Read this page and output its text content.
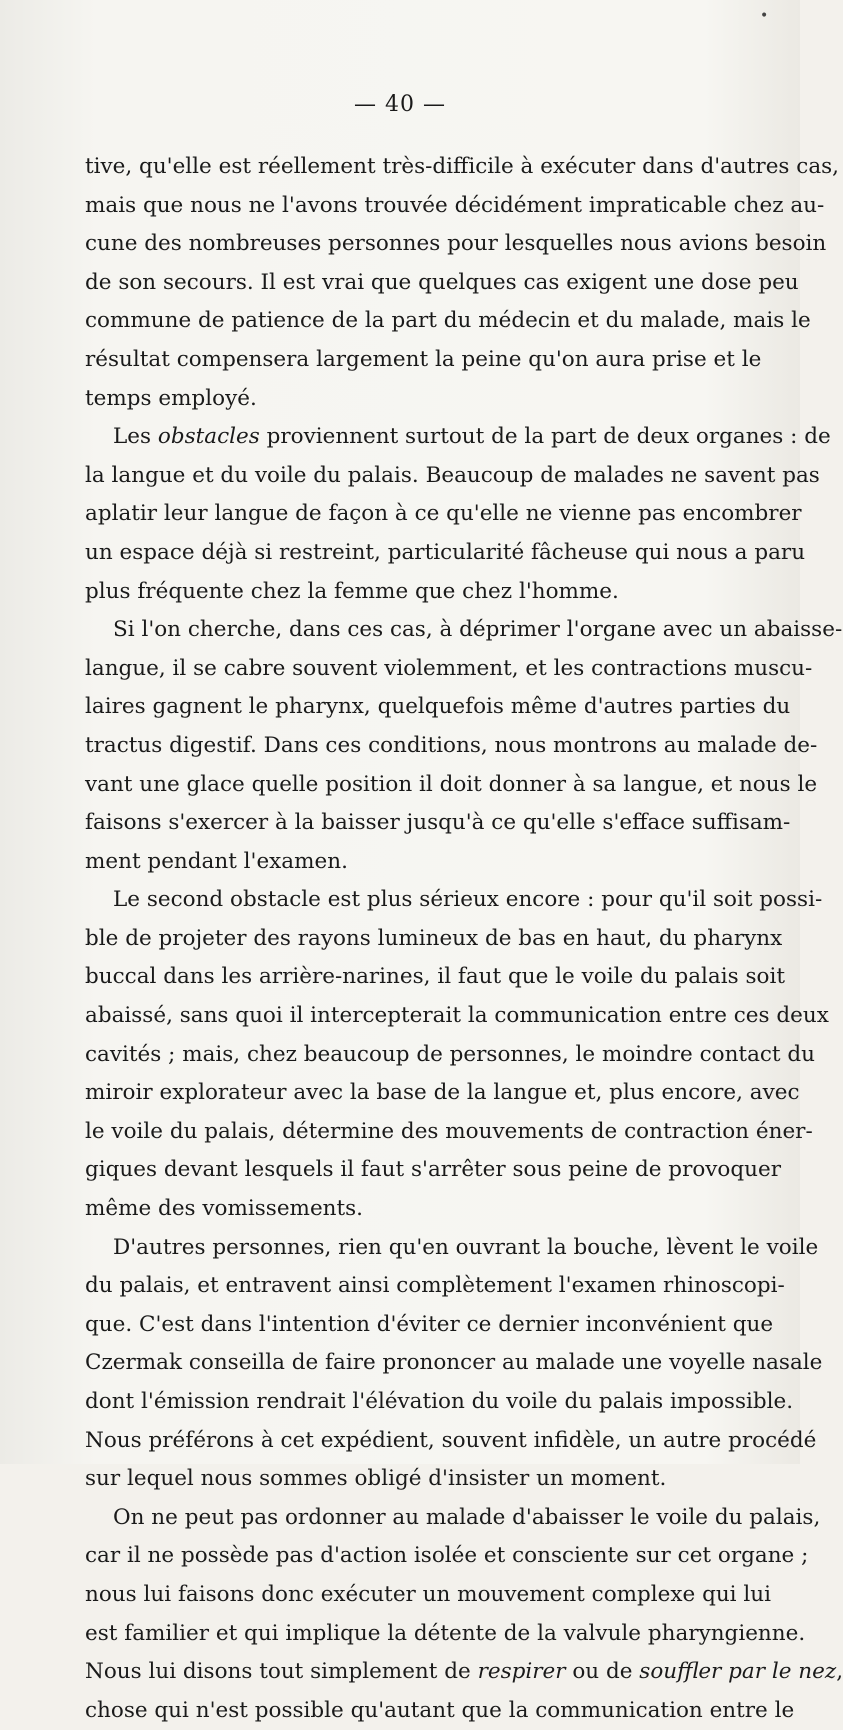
•
— 40 —
tive, qu'elle est réellement très-difficile à exécuter dans d'autres cas,
mais que nous ne l'avons trouvée décidément impraticable chez au-
cune des nombreuses personnes pour lesquelles nous avions besoin
de son secours. Il est vrai que quelques cas exigent une dose peu
commune de patience de la part du médecin et du malade, mais le
résultat compensera largement la peine qu'on aura prise et le
temps employé.
Les obstacles proviennent surtout de la part de deux organes : de
la langue et du voile du palais. Beaucoup de malades ne savent pas
aplatir leur langue de façon à ce qu'elle ne vienne pas encombrer
un espace déjà si restreint, particularité fâcheuse qui nous a paru
plus fréquente chez la femme que chez l'homme.
Si l'on cherche, dans ces cas, à déprimer l'organe avec un abaisse-
langue, il se cabre souvent violemment, et les contractions muscu-
laires gagnent le pharynx, quelquefois même d'autres parties du
tractus digestif. Dans ces conditions, nous montrons au malade de-
vant une glace quelle position il doit donner à sa langue, et nous le
faisons s'exercer à la baisser jusqu'à ce qu'elle s'efface suffisam-
ment pendant l'examen.
Le second obstacle est plus sérieux encore : pour qu'il soit possi-
ble de projeter des rayons lumineux de bas en haut, du pharynx
buccal dans les arrière-narines, il faut que le voile du palais soit
abaissé, sans quoi il intercepterait la communication entre ces deux
cavités ; mais, chez beaucoup de personnes, le moindre contact du
miroir explorateur avec la base de la langue et, plus encore, avec
le voile du palais, détermine des mouvements de contraction éner-
giques devant lesquels il faut s'arrêter sous peine de provoquer
même des vomissements.
D'autres personnes, rien qu'en ouvrant la bouche, lèvent le voile
du palais, et entravent ainsi complètement l'examen rhinoscopi-
que. C'est dans l'intention d'éviter ce dernier inconvénient que
Czermak conseilla de faire prononcer au malade une voyelle nasale
dont l'émission rendrait l'élévation du voile du palais impossible.
Nous préférons à cet expédient, souvent infidèle, un autre procédé
sur lequel nous sommes obligé d'insister un moment.
On ne peut pas ordonner au malade d'abaisser le voile du palais,
car il ne possède pas d'action isolée et consciente sur cet organe ;
nous lui faisons donc exécuter un mouvement complexe qui lui
est familier et qui implique la détente de la valvule pharyngienne.
Nous lui disons tout simplement de respirer ou de souffler par le nez,
chose qui n'est possible qu'autant que la communication entre le
